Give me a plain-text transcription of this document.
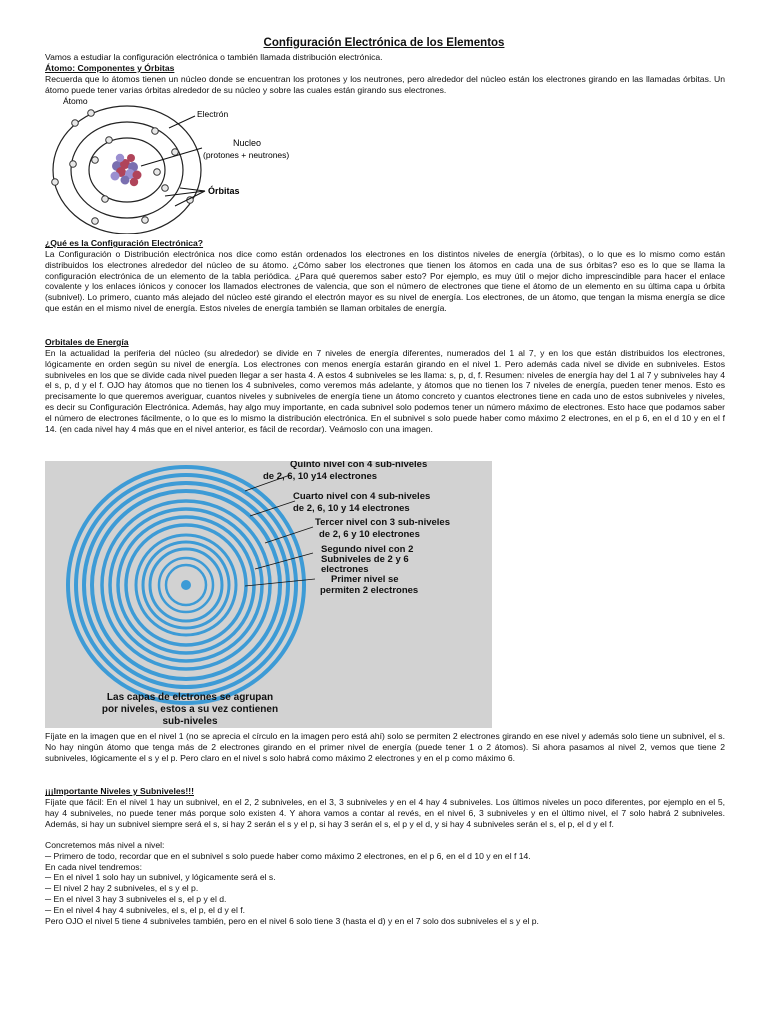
Configuración Electrónica de los Elementos
Vamos a estudiar la configuración electrónica o también llamada distribución electrónica.
Átomo: Componentes y Órbitas
Recuerda que lo átomos tienen un núcleo donde se encuentran los protones y los neutrones, pero alrededor del núcleo están los electrones girando en las llamadas órbitas. Un átomo puede tener varias órbitas alrededor de su núcleo y sobre las cuales están girando sus electrones.
Átomo
Electrón
Nucleo
(protones + neutrones)
Órbitas
¿Qué es la Configuración Electrónica?
La Configuración o Distribución electrónica nos dice como están ordenados los electrones en los distintos niveles de energía (órbitas), o lo que es lo mismo como están distribuidos los electrones alrededor del núcleo de su átomo. ¿Cómo saber los electrones que tienen los átomos en cada una de sus órbitas? eso es lo que se llama la configuración electrónica de un elemento de la tabla periódica. ¿Para qué queremos saber esto? Por ejemplo, es muy útil o mejor dicho imprescindible para hacer el enlace covalente y los enlaces iónicos y conocer los llamados electrones de valencia, que son el número de electrones que tiene el átomo de un elemento en su última capa u órbita (subnivel). Lo primero, cuanto más alejado del núcleo esté girando el electrón mayor es su nivel de energía. Los electrones, de un átomo, que tengan la misma energía se dice que están en el mismo nivel de energía. Estos niveles de energía también se llaman orbitales de energía.
Orbitales de Energía
En la actualidad la periferia del núcleo (su alrededor) se divide en 7 niveles de energía diferentes, numerados del 1 al 7, y en los que están distribuidos los electrones, lógicamente en orden según su nivel de energía. Los electrones con menos energía estarán girando en el nivel 1. Pero además cada nivel se divide en subniveles. Estos subniveles en los que se divide cada nivel pueden llegar a ser hasta 4. A estos 4 subniveles se les llama: s, p, d, f. Resumen: niveles de energía hay del 1 al 7 y subniveles hay 4 el s, p, d y el f. OJO hay átomos que no tienen los 4 subniveles, como veremos más adelante, y átomos que no tienen los 7 niveles de energía, pueden tener menos. Esto es precisamente lo que queremos averiguar, cuantos niveles y subniveles de energía tiene un átomo concreto y cuantos electrones tiene en cada uno de estos subniveles y niveles, es decir su Configuración Electrónica. Además, hay algo muy importante, en cada subnivel solo podemos tener un número máximo de electrones. Esto hace que podamos saber el número de electrones fácilmente, o lo que es lo mismo la distribución electrónica. En el subnivel s solo puede haber como máximo 2 electrones, en el p 6, en el d 10 y en el f 14. (en cada nivel hay 4 más que en el nivel anterior, es fácil de recordar). Veámoslo con una imagen.
Quinto nivel con 4 sub-niveles
de 2, 6, 10 y14 electrones
Cuarto nivel con 4 sub-niveles
de 2, 6, 10 y 14 electrones
Tercer nivel con 3 sub-niveles
de 2, 6 y 10 electrones
Segundo nivel con 2
Subniveles de 2 y 6
electrones
Primer nivel se
permiten 2 electrones
Las capas de elctrones se agrupan
por niveles, estos a su vez contienen
sub-niveles
Fíjate en la imagen que en el nivel 1 (no se aprecia el círculo en la imagen pero está ahí) solo se permiten 2 electrones girando en ese nivel y además solo tiene un subnivel, el s. No hay ningún átomo que tenga más de 2 electrones girando en el primer nivel de energía (puede tener 1 o 2 átomos). Si ahora pasamos al nivel 2, vemos que tiene 2 subniveles, lógicamente el s y el p. Pero claro en el nivel s solo habrá como máximo 2 electrones y en el p como máximo 6.
¡¡¡Importante Niveles y Subniveles!!!
Fíjate que fácil: En el nivel 1 hay un subnivel, en el 2, 2 subniveles, en el 3, 3 subniveles y en el 4 hay 4 subniveles. Los últimos niveles un poco diferentes, por ejemplo en el 5, hay 4 subniveles, no puede tener más porque solo existen 4. Y ahora vamos a contar al revés, en el nivel 6, 3 subniveles y en el último nivel, el 7 solo habrá 2 subniveles. Además, si hay un subnivel siempre será el s, si hay 2 serán el s y el p, si hay 3 serán el s, el p y el d, y si hay 4 subniveles serán el s, el p, el d y el f.
Concretemos más nivel a nivel:
─ Primero de todo, recordar que en el subnivel s solo puede haber como máximo 2 electrones, en el p 6, en el d 10 y en el f 14.
En cada nivel tendremos:
─ En el nivel 1 solo hay un subnivel, y lógicamente será el s.
─ El nivel 2 hay 2 subniveles, el s y el p.
─ En el nivel 3 hay 3 subniveles el s, el p y el d.
─ En el nivel 4 hay 4 subniveles, el s, el p, el d y el f.
Pero OJO el nivel 5 tiene 4 subniveles también, pero en el nivel 6 solo tiene 3 (hasta el d) y en el 7 solo dos subniveles el s y el p.
